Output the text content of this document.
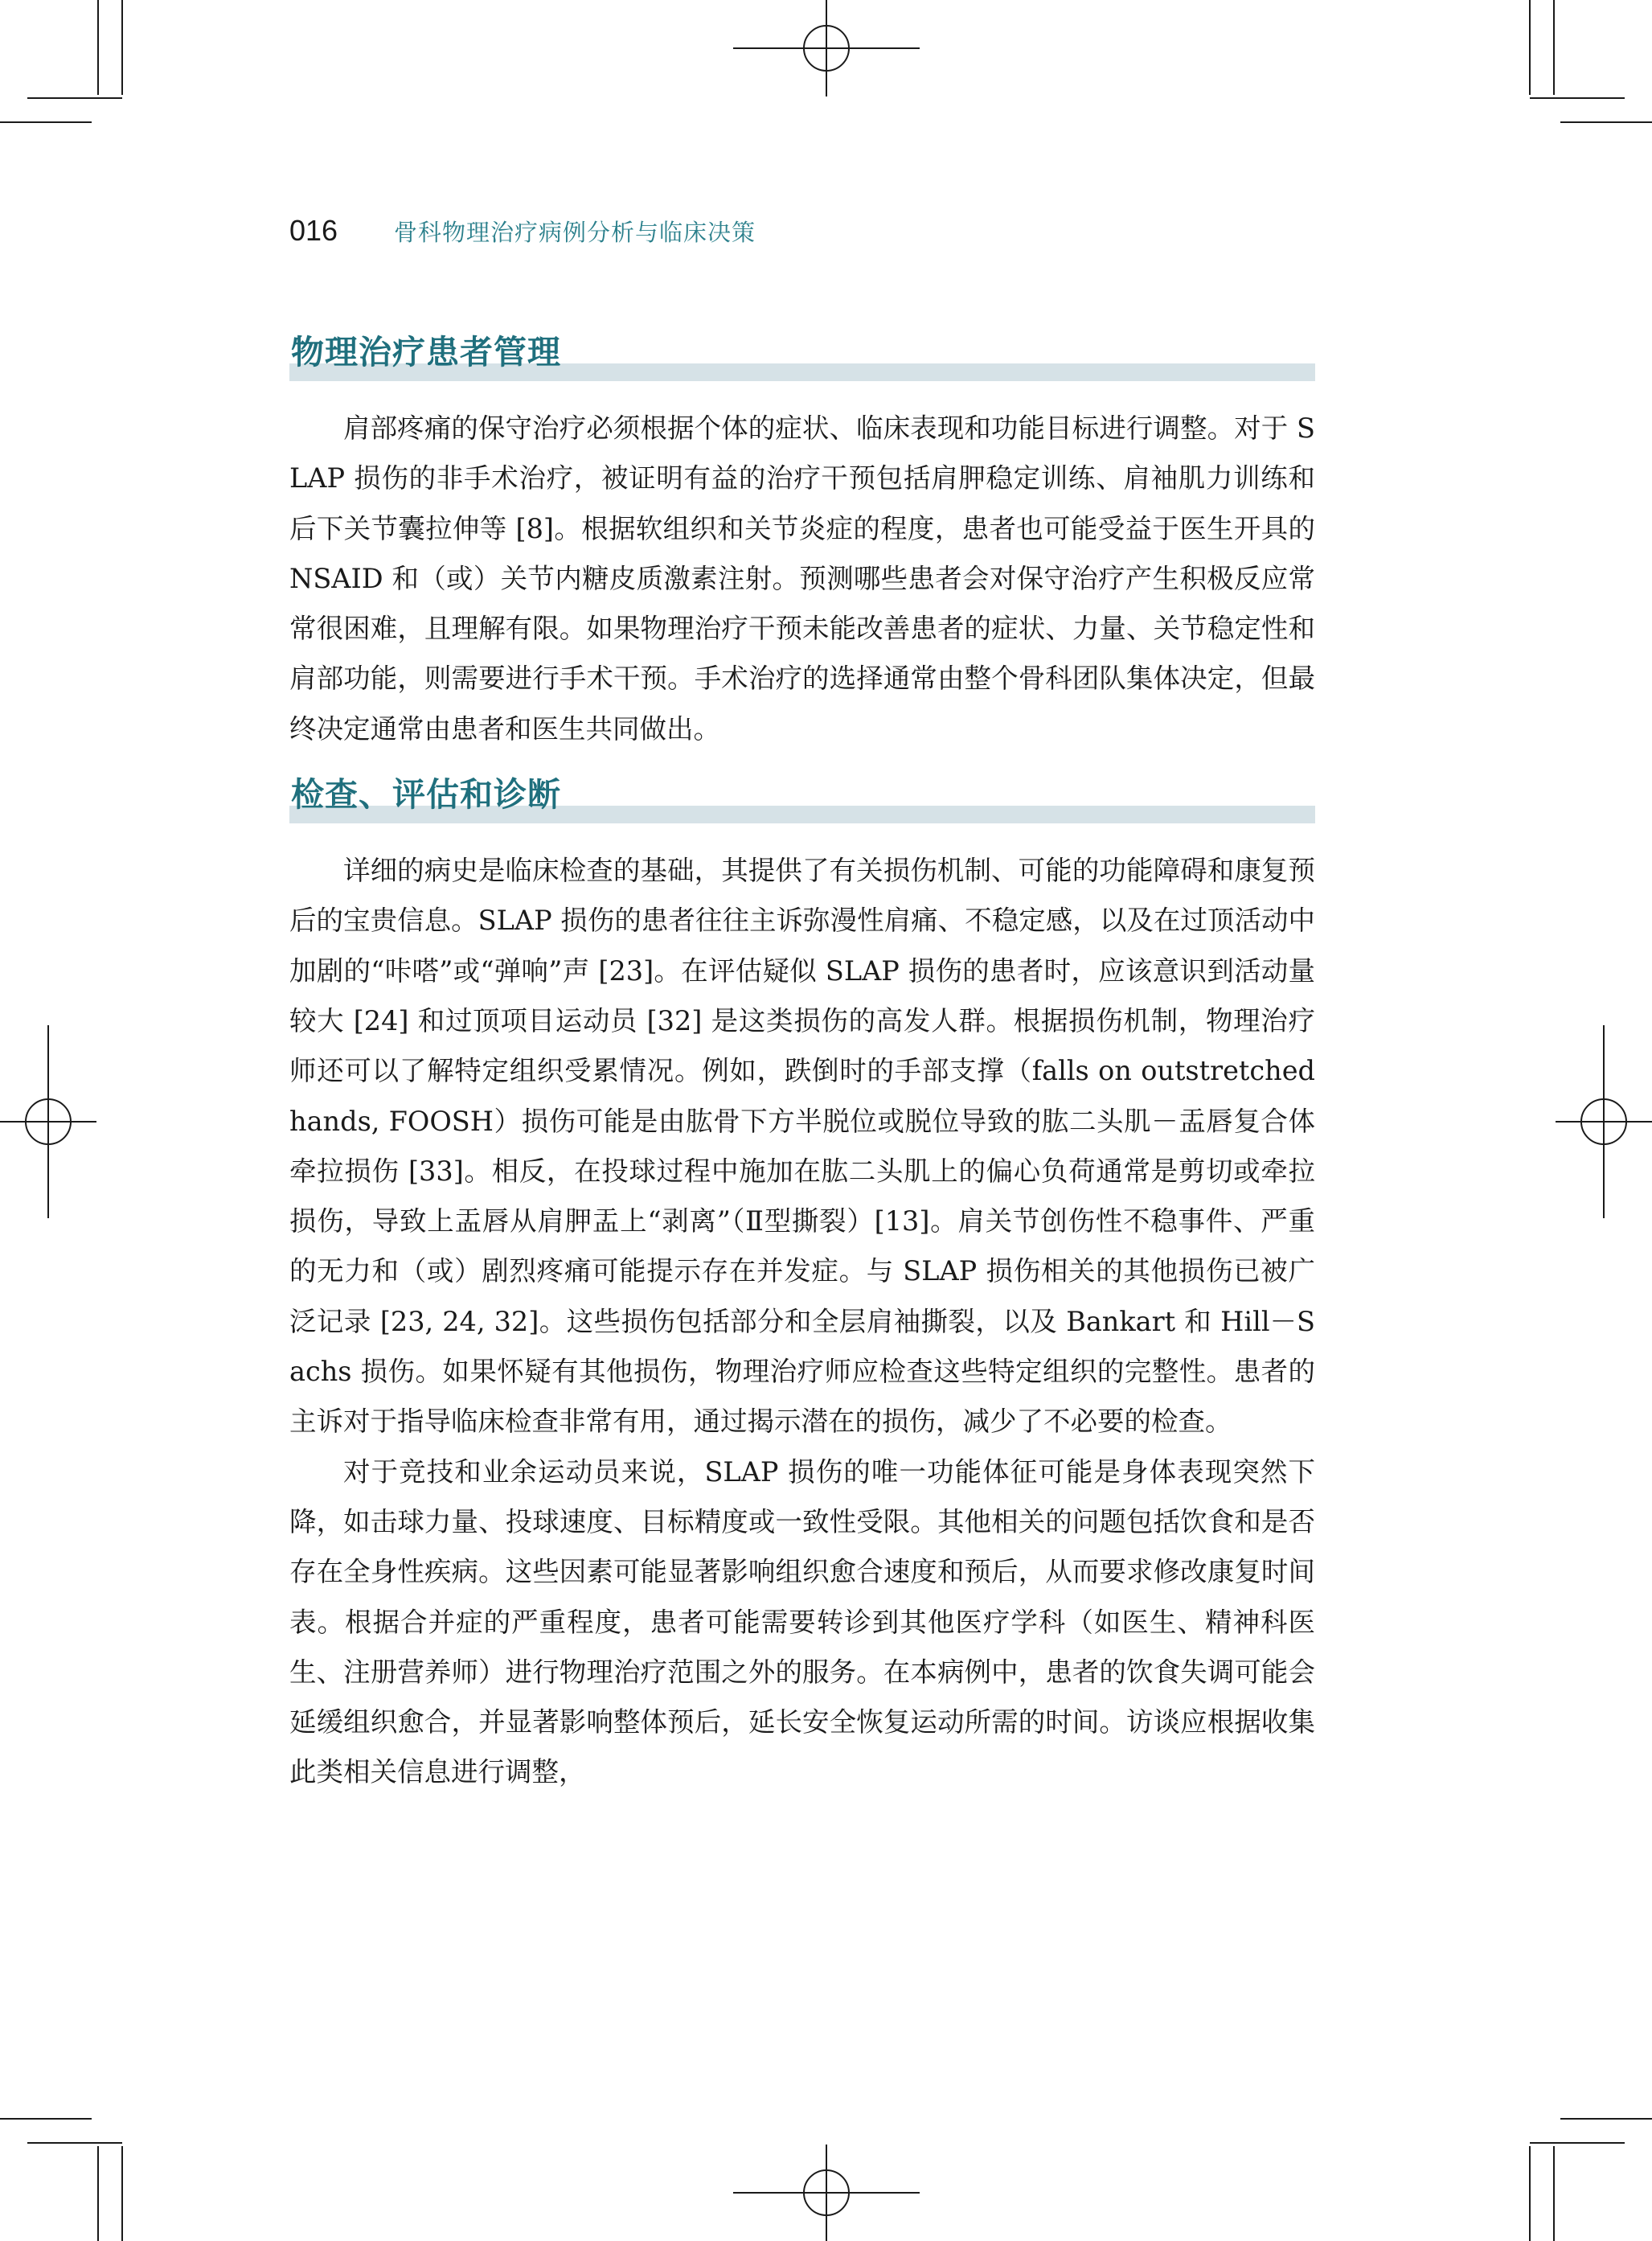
016	骨科物理治疗病例分析与临床决策
物理治疗患者管理

肩部疼痛的保守治疗必须根据个体的症状、临床表现和功能目标进行调整。对于 SLAP 损伤的非手术治疗，被证明有益的治疗干预包括肩胛稳定训练、肩袖肌力训练和后下关节囊拉伸等 [8]。根据软组织和关节炎症的程度，患者也可能受益于医生开具的 NSAID 和（或）关节内糖皮质激素注射。预测哪些患者会对保守治疗产生积极反应常常很困难，且理解有限。如果物理治疗干预未能改善患者的症状、力量、关节稳定性和肩部功能，则需要进行手术干预。手术治疗的选择通常由整个骨科团队集体决定，但最终决定通常由患者和医生共同做出。

检查、评估和诊断

详细的病史是临床检查的基础，其提供了有关损伤机制、可能的功能障碍和康复预后的宝贵信息。SLAP 损伤的患者往往主诉弥漫性肩痛、不稳定感，以及在过顶活动中加剧的“咔嗒”或“弹响”声 [23]。在评估疑似 SLAP 损伤的患者时，应该意识到活动量较大 [24] 和过顶项目运动员 [32] 是这类损伤的高发人群。根据损伤机制，物理治疗师还可以了解特定组织受累情况。例如，跌倒时的手部支撑（falls on outstretched hands, FOOSH）损伤可能是由肱骨下方半脱位或脱位导致的肱二头肌－盂唇复合体牵拉损伤 [33]。相反，在投球过程中施加在肱二头肌上的偏心负荷通常是剪切或牵拉损伤，导致上盂唇从肩胛盂上“剥离”（Ⅱ型撕裂）[13]。肩关节创伤性不稳事件、严重的无力和（或）剧烈疼痛可能提示存在并发症。与 SLAP 损伤相关的其他损伤已被广泛记录 [23, 24, 32]。这些损伤包括部分和全层肩袖撕裂，以及 Bankart 和 Hill－Sachs 损伤。如果怀疑有其他损伤，物理治疗师应检查这些特定组织的完整性。患者的主诉对于指导临床检查非常有用，通过揭示潜在的损伤，减少了不必要的检查。

对于竞技和业余运动员来说，SLAP 损伤的唯一功能体征可能是身体表现突然下降，如击球力量、投球速度、目标精度或一致性受限。其他相关的问题包括饮食和是否存在全身性疾病。这些因素可能显著影响组织愈合速度和预后，从而要求修改康复时间表。根据合并症的严重程度，患者可能需要转诊到其他医疗学科（如医生、精神科医生、注册营养师）进行物理治疗范围之外的服务。在本病例中，患者的饮食失调可能会延缓组织愈合，并显著影响整体预后，延长安全恢复运动所需的时间。访谈应根据收集此类相关信息进行调整，
